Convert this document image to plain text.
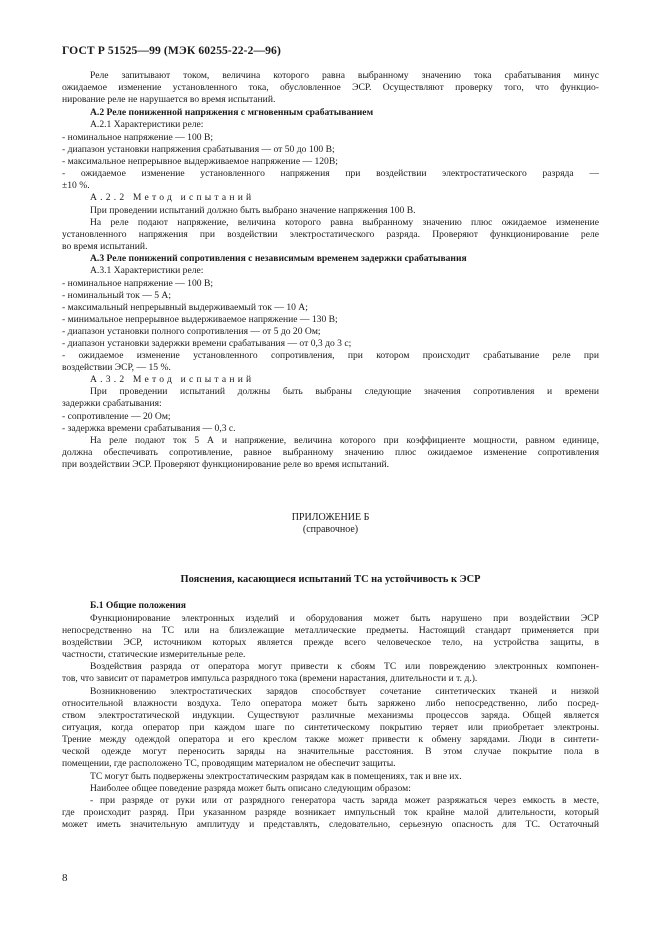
ГОСТ Р 51525—99 (МЭК 60255-22-2—96)
Реле запитывают током, величина которого равна выбранному значению тока срабатывания минус
ожидаемое изменение установленного тока, обусловленное ЭСР. Осуществляют проверку того, что функцио-
нирование реле не нарушается во время испытаний.
А.2 Реле пониженной напряжения с мгновенным срабатыванием
А.2.1 Характеристики реле:
- номинальное напряжение — 100 В;
- диапазон установки напряжения срабатывания — от 50 до 100 В;
- максимальное непрерывное выдерживаемое напряжение — 120В;
- ожидаемое изменение установленного напряжения при воздействии электростатического разряда —
±10 %.
А.2.2 Метод испытаний
При проведении испытаний должно быть выбрано значение напряжения 100 В.
На реле подают напряжение, величина которого равна выбранному значению плюс ожидаемое изменение
установленного напряжения при воздействии электростатического разряда. Проверяют функционирование реле
во время испытаний.
А.3 Реле понижений сопротивления с независимым временем задержки срабатывания
А.3.1 Характеристики реле:
- номинальное напряжение — 100 В;
- номинальный ток — 5 А;
- максимальный непрерывный выдерживаемый ток — 10 А;
- минимальное непрерывное выдерживаемое напряжение — 130 В;
- диапазон установки полного сопротивления — от 5 до 20 Ом;
- диапазон установки задержки времени срабатывания — от 0,3 до 3 с;
- ожидаемое изменение установленного сопротивления, при котором происходит срабатывание реле при
воздействии ЭСР, — 15 %.
А.3.2 Метод испытаний
При проведении испытаний должны быть выбраны следующие значения сопротивления и времени
задержки срабатывания:
- сопротивление — 20 Ом;
- задержка времени срабатывания — 0,3 с.
На реле подают ток 5 А и напряжение, величина которого при коэффициенте мощности, равном единице,
должна обеспечивать сопротивление, равное выбранному значению плюс ожидаемое изменение сопротивления
при воздействии ЭСР. Проверяют функционирование реле во время испытаний.
ПРИЛОЖЕНИЕ Б
(справочное)
Пояснения, касающиеся испытаний ТС на устойчивость к ЭСР
Б.1 Общие положения
Функционирование электронных изделий и оборудования может быть нарушено при воздействии ЭСР
непосредственно на ТС или на близлежащие металлические предметы. Настоящий стандарт применяется при
воздействии ЭСР, источником которых является прежде всего человеческое тело, на устройства защиты, в
частности, статические измерительные реле.
Воздействия разряда от оператора могут привести к сбоям ТС или повреждению электронных компонен-
тов, что зависит от параметров импульса разрядного тока (времени нарастания, длительности и т. д.).
Возникновению электростатических зарядов способствует сочетание синтетических тканей и низкой
относительной влажности воздуха. Тело оператора может быть заряжено либо непосредственно, либо посред-
ством электростатической индукции. Существуют различные механизмы процессов заряда. Общей является
ситуация, когда оператор при каждом шаге по синтетическому покрытию теряет или приобретает электроны.
Трение между одеждой оператора и его креслом также может привести к обмену зарядами. Люди в синтети-
ческой одежде могут переносить заряды на значительные расстояния. В этом случае покрытие пола в
помещении, где расположено ТС, проводящим материалом не обеспечит защиты.
ТС могут быть подвержены электростатическим разрядам как в помещениях, так и вне их.
Наиболее общее поведение разряда может быть описано следующим образом:
- при разряде от руки или от разрядного генератора часть заряда может разряжаться через емкость в месте,
где происходит разряд. При указанном разряде возникает импульсный ток крайне малой длительности, который
может иметь значительную амплитуду и представлять, следовательно, серьезную опасность для ТС. Остаточный
8
